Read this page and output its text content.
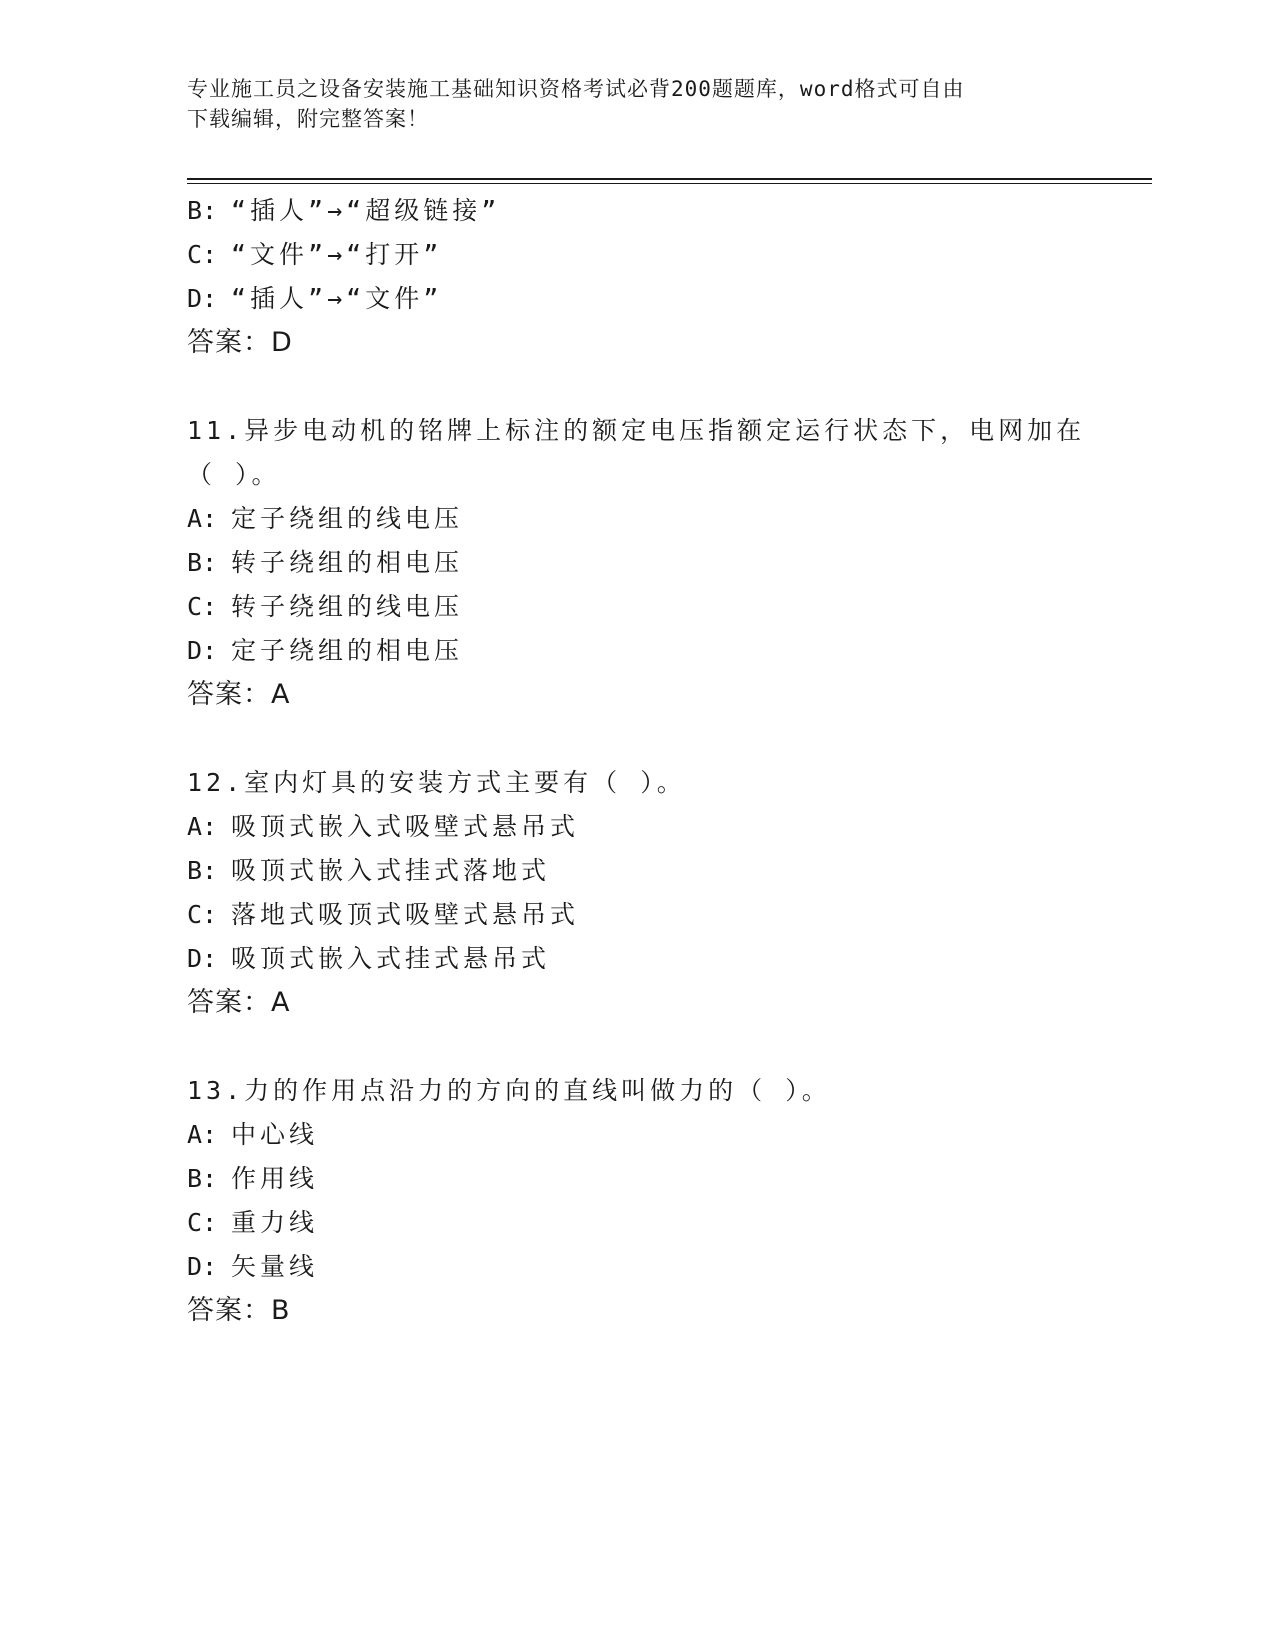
专业施工员之设备安装施工基础知识资格考试必背200题题库，word格式可自由
下载编辑，附完整答案！
B: “插人”→“超级链接”
C: “文件”→“打开”
D: “插人”→“文件”
答案：D
11.异步电动机的铭牌上标注的额定电压指额定运行状态下，电网加在
（ ）。
A: 定子绕组的线电压
B: 转子绕组的相电压
C: 转子绕组的线电压
D: 定子绕组的相电压
答案：A
12.室内灯具的安装方式主要有（ ）。
A: 吸顶式嵌入式吸壁式悬吊式
B: 吸顶式嵌入式挂式落地式
C: 落地式吸顶式吸壁式悬吊式
D: 吸顶式嵌入式挂式悬吊式
答案：A
13.力的作用点沿力的方向的直线叫做力的（ ）。
A: 中心线
B: 作用线
C: 重力线
D: 矢量线
答案：B
